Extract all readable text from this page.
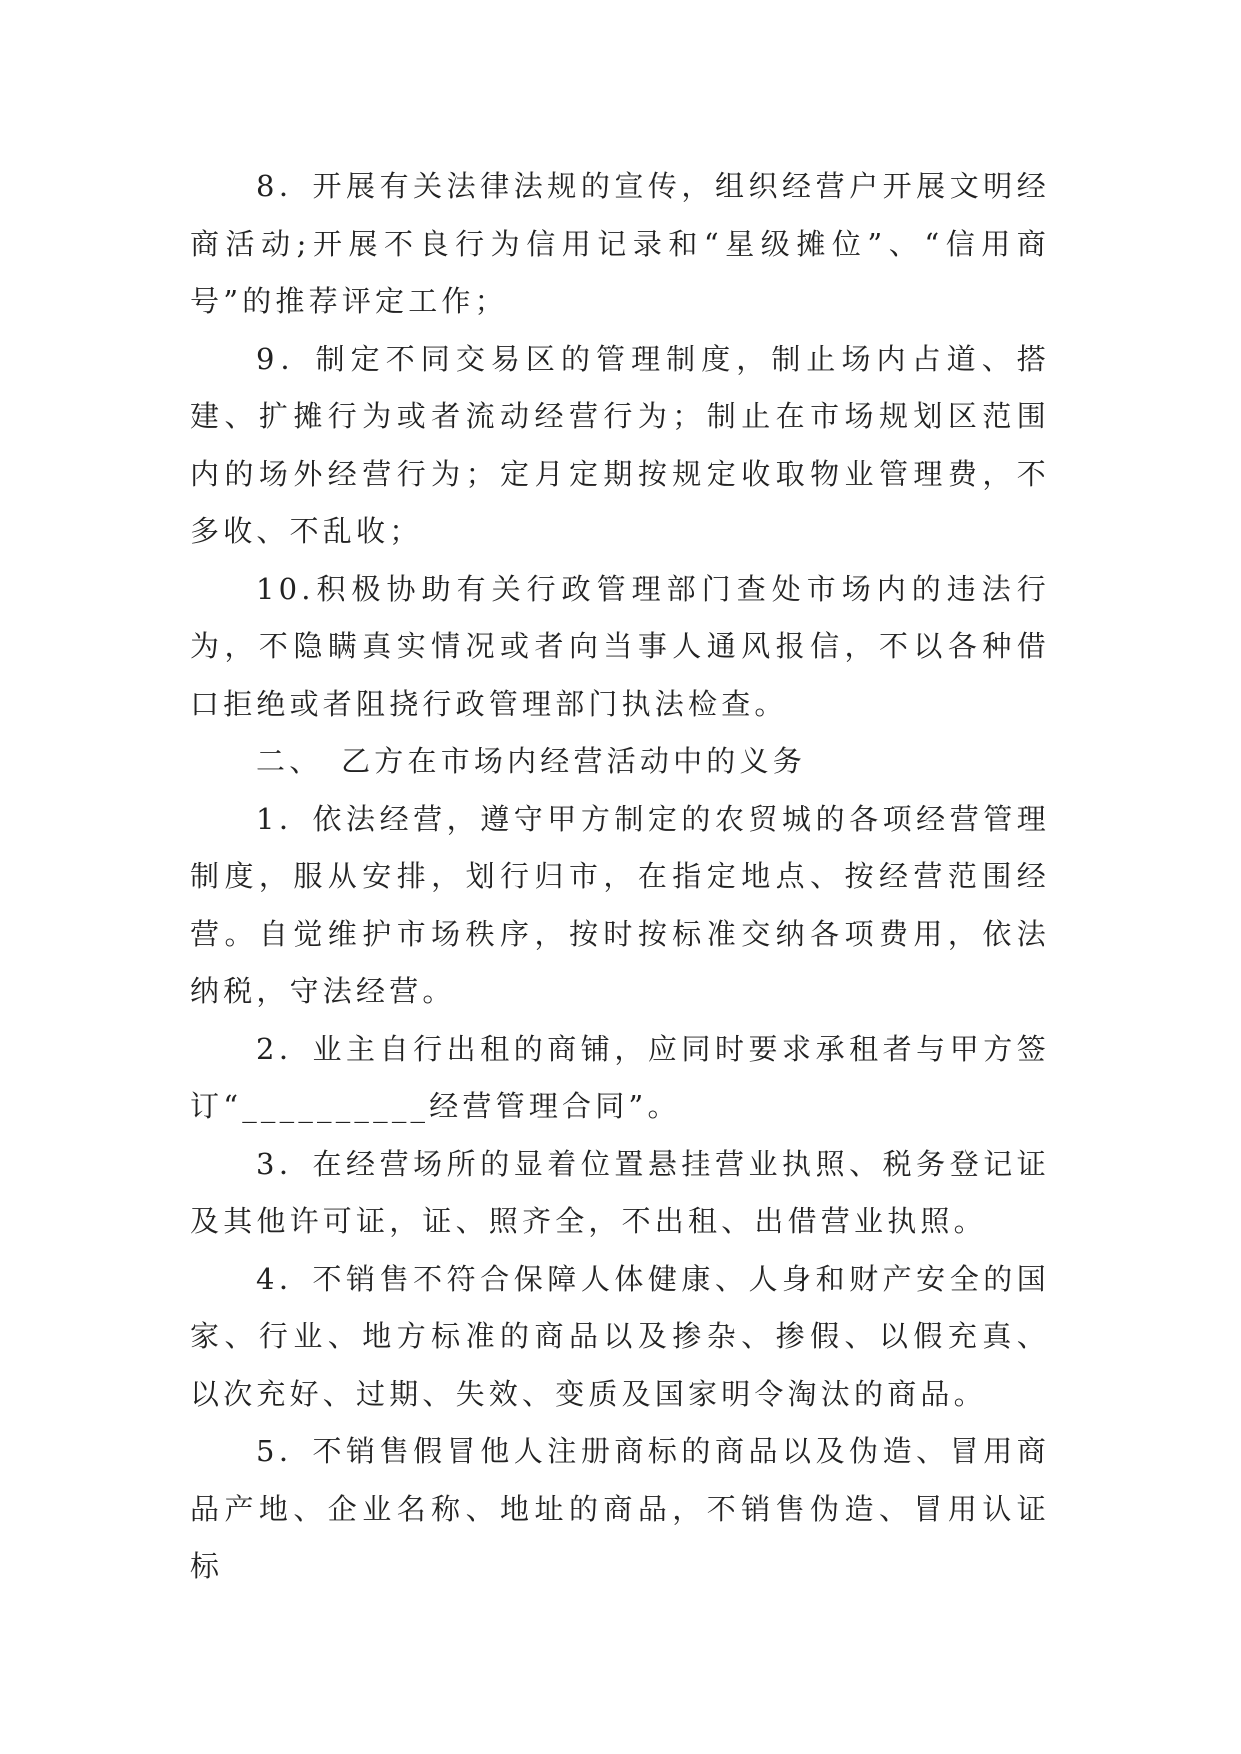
8．开展有关法律法规的宣传，组织经营户开展文明经商活动;开展不良行为信用记录和“星级摊位”、“信用商号”的推荐评定工作；

9．制定不同交易区的管理制度，制止场内占道、搭建、扩摊行为或者流动经营行为；制止在市场规划区范围内的场外经营行为；定月定期按规定收取物业管理费，不多收、不乱收；

10.积极协助有关行政管理部门查处市场内的违法行为，不隐瞒真实情况或者向当事人通风报信，不以各种借口拒绝或者阻挠行政管理部门执法检查。

二、　乙方在市场内经营活动中的义务

1．依法经营，遵守甲方制定的农贸城的各项经营管理制度，服从安排，划行归市，在指定地点、按经营范围经营。自觉维护市场秩序，按时按标准交纳各项费用，依法纳税，守法经营。

2．业主自行出租的商铺，应同时要求承租者与甲方签订“__________经营管理合同”。

3．在经营场所的显着位置悬挂营业执照、税务登记证及其他许可证，证、照齐全，不出租、出借营业执照。

4．不销售不符合保障人体健康、人身和财产安全的国家、行业、地方标准的商品以及掺杂、掺假、以假充真、以次充好、过期、失效、变质及国家明令淘汰的商品。

5．不销售假冒他人注册商标的商品以及伪造、冒用商品产地、企业名称、地址的商品，不销售伪造、冒用认证标
